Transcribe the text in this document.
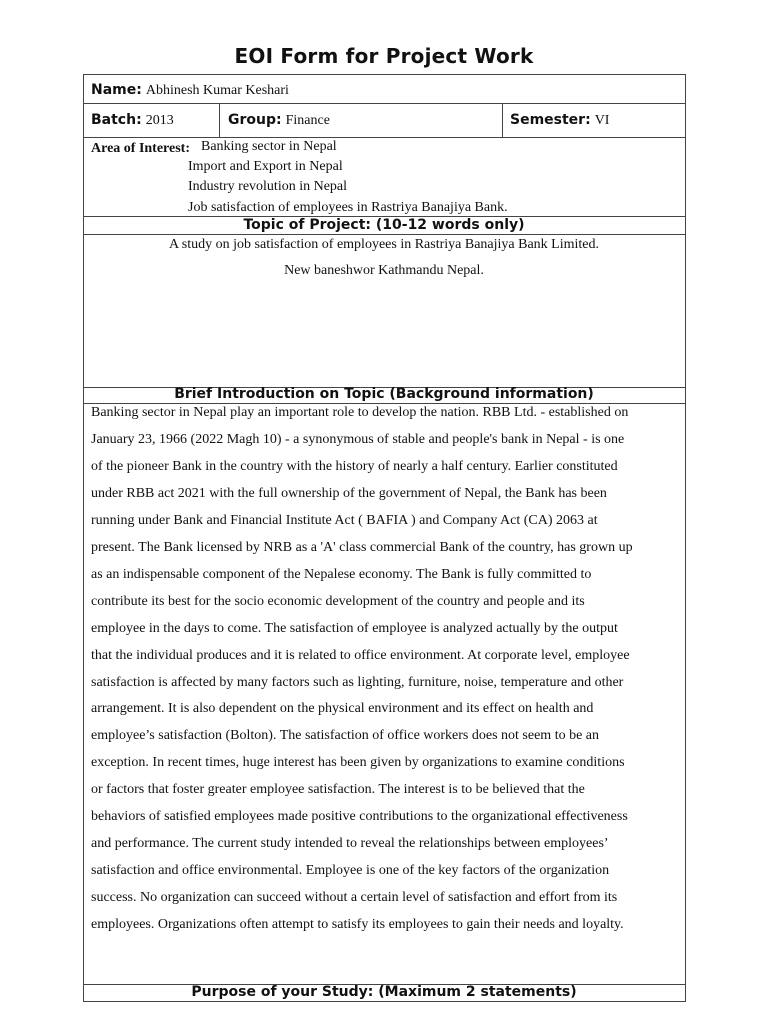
EOI Form for Project Work
Name: Abhinesh Kumar Keshari
Batch: 2013	Group: Finance	Semester: VI
Area of Interest: Banking sector in Nepal
Import and Export in Nepal
Industry revolution in Nepal
Job satisfaction of employees in Rastriya Banajiya Bank.
Topic of Project: (10-12 words only)
A study on job satisfaction of employees in Rastriya Banajiya Bank Limited.
New baneshwor Kathmandu Nepal.
Brief Introduction on Topic (Background information)
Banking sector in Nepal play an important role to develop the nation. RBB Ltd. - established on
January 23, 1966 (2022 Magh 10) - a synonymous of stable and people's bank in Nepal - is one
of the pioneer Bank in the country with the history of nearly a half century. Earlier constituted
under RBB act 2021 with the full ownership of the government of Nepal, the Bank has been
running under Bank and Financial Institute Act ( BAFIA ) and Company Act (CA) 2063 at
present. The Bank licensed by NRB as a 'A' class commercial Bank of the country, has grown up
as an indispensable component of the Nepalese economy. The Bank is fully committed to
contribute its best for the socio economic development of the country and people and its
employee in the days to come. The satisfaction of employee is analyzed actually by the output
that the individual produces and it is related to office environment. At corporate level, employee
satisfaction is affected by many factors such as lighting, furniture, noise, temperature and other
arrangement. It is also dependent on the physical environment and its effect on health and
employee’s satisfaction (Bolton). The satisfaction of office workers does not seem to be an
exception. In recent times, huge interest has been given by organizations to examine conditions
or factors that foster greater employee satisfaction. The interest is to be believed that the
behaviors of satisfied employees made positive contributions to the organizational effectiveness
and performance. The current study intended to reveal the relationships between employees’
satisfaction and office environmental. Employee is one of the key factors of the organization
success. No organization can succeed without a certain level of satisfaction and effort from its
employees. Organizations often attempt to satisfy its employees to gain their needs and loyalty.
Purpose of your Study: (Maximum 2 statements)
